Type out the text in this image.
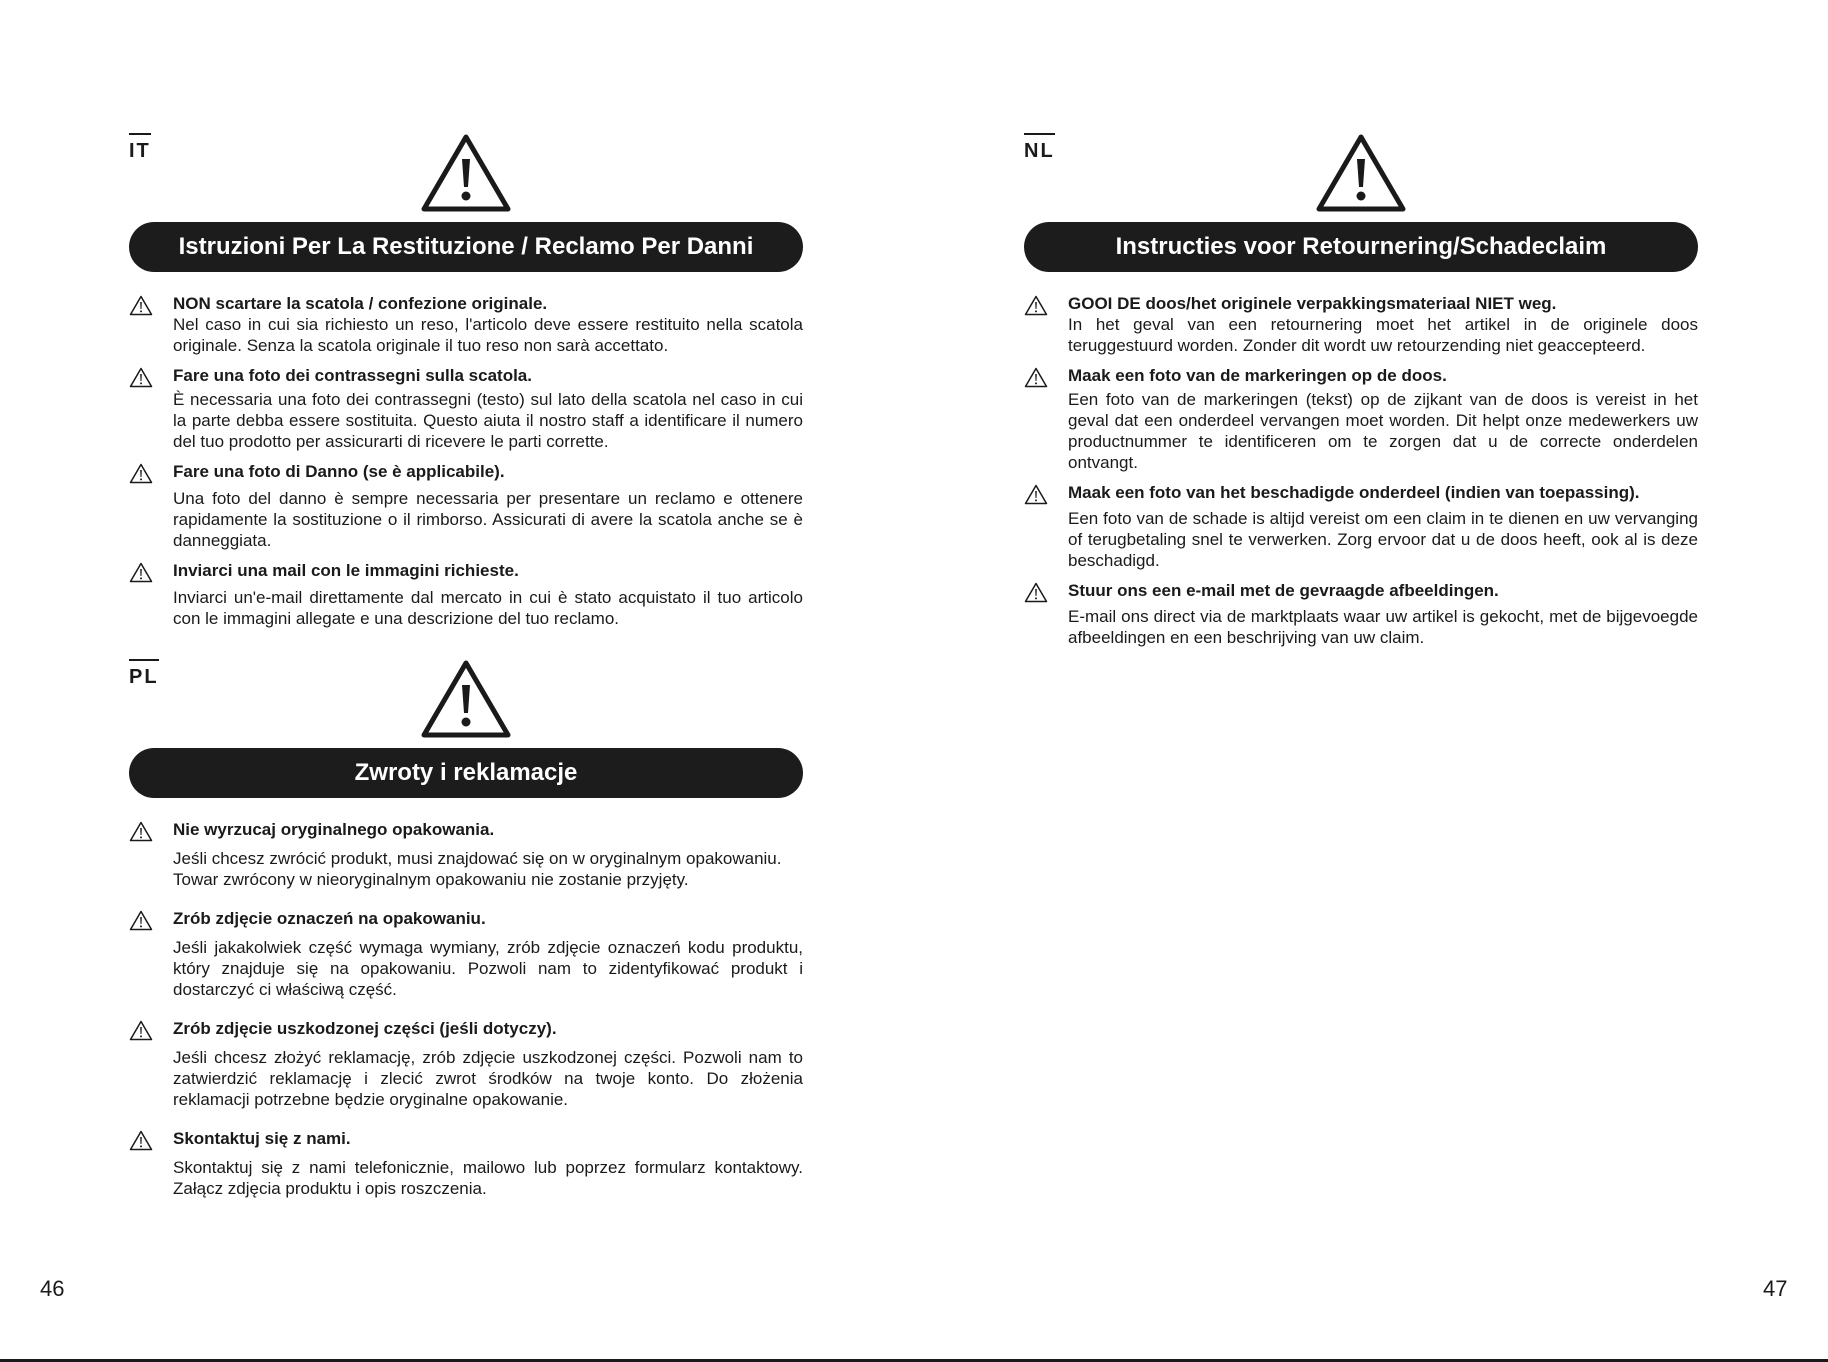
IT
Istruzioni Per La Restituzione / Reclamo Per Danni

NON scartare la scatola / confezione originale.

Nel caso in cui sia richiesto un reso, l'articolo deve essere restituito nella scatola originale. Senza la scatola originale il tuo reso non sarà accettato.

Fare una foto dei contrassegni sulla scatola.

È necessaria una foto dei contrassegni (testo) sul lato della scatola nel caso in cui la parte debba essere sostituita. Questo aiuta il nostro staff a identificare il numero del tuo prodotto per assicurarti di ricevere le parti corrette.

Fare una foto di Danno (se è applicabile).

Una foto del danno è sempre necessaria per presentare un reclamo e ottenere rapidamente la sostituzione o il rimborso. Assicurati di avere la scatola anche se è danneggiata.

Inviarci una mail con le immagini richieste.

Inviarci un'e-mail direttamente dal mercato in cui è stato acquistato il tuo articolo con le immagini allegate e una descrizione del tuo reclamo.

PL
Zwroty i reklamacje

Nie wyrzucaj oryginalnego opakowania.

Jeśli chcesz zwrócić produkt, musi znajdować się on w oryginalnym opakowaniu. Towar zwrócony w nieoryginalnym opakowaniu nie zostanie przyjęty.

Zrób zdjęcie oznaczeń na opakowaniu.

Jeśli jakakolwiek część wymaga wymiany, zrób zdjęcie oznaczeń kodu produktu, który znajduje się na opakowaniu. Pozwoli nam to zidentyfikować produkt i dostarczyć ci właściwą część.

Zrób zdjęcie uszkodzonej części (jeśli dotyczy).

Jeśli chcesz złożyć reklamację, zrób zdjęcie uszkodzonej części. Pozwoli nam to zatwierdzić reklamację i zlecić zwrot środków na twoje konto. Do złożenia reklamacji potrzebne będzie oryginalne opakowanie.

Skontaktuj się z nami.

Skontaktuj się z nami telefonicznie, mailowo lub poprzez formularz kontaktowy. Załącz zdjęcia produktu i opis roszczenia.

NL
Instructies voor Retournering/Schadeclaim

GOOI DE doos/het originele verpakkingsmateriaal NIET weg.

In het geval van een retournering moet het artikel in de originele doos teruggestuurd worden. Zonder dit wordt uw retourzending niet geaccepteerd.

Maak een foto van de markeringen op de doos.

Een foto van de markeringen (tekst) op de zijkant van de doos is vereist in het geval dat een onderdeel vervangen moet worden. Dit helpt onze medewerkers uw productnummer te identificeren om te zorgen dat u de correcte onderdelen ontvangt.

Maak een foto van het beschadigde onderdeel (indien van toepassing).

Een foto van de schade is altijd vereist om een claim in te dienen en uw vervanging of terugbetaling snel te verwerken. Zorg ervoor dat u de doos heeft, ook al is deze beschadigd.

Stuur ons een e-mail met de gevraagde afbeeldingen.

E-mail ons direct via de marktplaats waar uw artikel is gekocht, met de bijgevoegde afbeeldingen en een beschrijving van uw claim.

46	47
